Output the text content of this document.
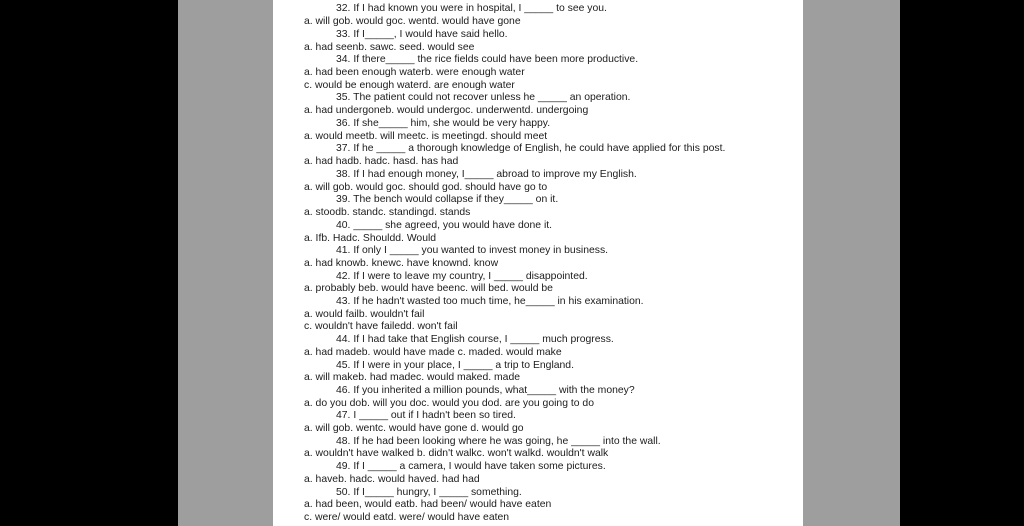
32. If I had known you were in hospital, I _____ to see you.
a. will gob. would goc. wentd. would have gone
33. If I_____, I would have said hello.
a. had seenb. sawc. seed. would see
34. If there_____ the rice fields could have been more productive.
a. had been enough waterb. were enough water
c. would be enough waterd. are enough water
35. The patient could not recover unless he _____ an operation.
a. had undergoneb. would undergoc. underwentd. undergoing
36. If she_____ him, she would be very happy.
a. would meetb. will meetc. is meetingd. should meet
37. If he _____ a thorough knowledge of English, he could have applied for this post.
a. had hadb. hadc. hasd. has had
38. If I had enough money, I_____ abroad to improve my English.
a. will gob. would goc. should god. should have go to
39. The bench would collapse if they_____ on it.
a. stoodb. standc. standingd. stands
40. _____ she agreed, you would have done it.
a. Ifb. Hadc. Shouldd. Would
41. If only I _____ you wanted to invest money in business.
a. had knowb. knewc. have knownd. know
42. If I were to leave my country, I _____ disappointed.
a. probably beb. would have beenc. will bed. would be
43. If he hadn't wasted too much time, he_____ in his examination.
a. would failb. wouldn't fail
c. wouldn't have failedd. won't fail
44. If I had take that English course, I _____ much progress.
a. had madeb. would have made c. maded. would make
45. If I were in your place, I _____ a trip to England.
a. will makeb. had madec. would maked. made
46. If you inherited a million pounds, what_____ with the money?
a. do you dob. will you doc. would you dod. are you going to do
47. I _____ out if I hadn't been so tired.
a. will gob. wentc. would have gone d. would go
48. If he had been looking where he was going, he _____ into the wall.
a. wouldn't have walked b. didn't walkc. won't walkd. wouldn't walk
49. If I _____ a camera, I would have taken some pictures.
a. haveb. hadc. would haved. had had
50. If I_____ hungry, I _____ something.
a. had been, would eatb. had been/ would have eaten
c. were/ would eatd. were/ would have eaten
